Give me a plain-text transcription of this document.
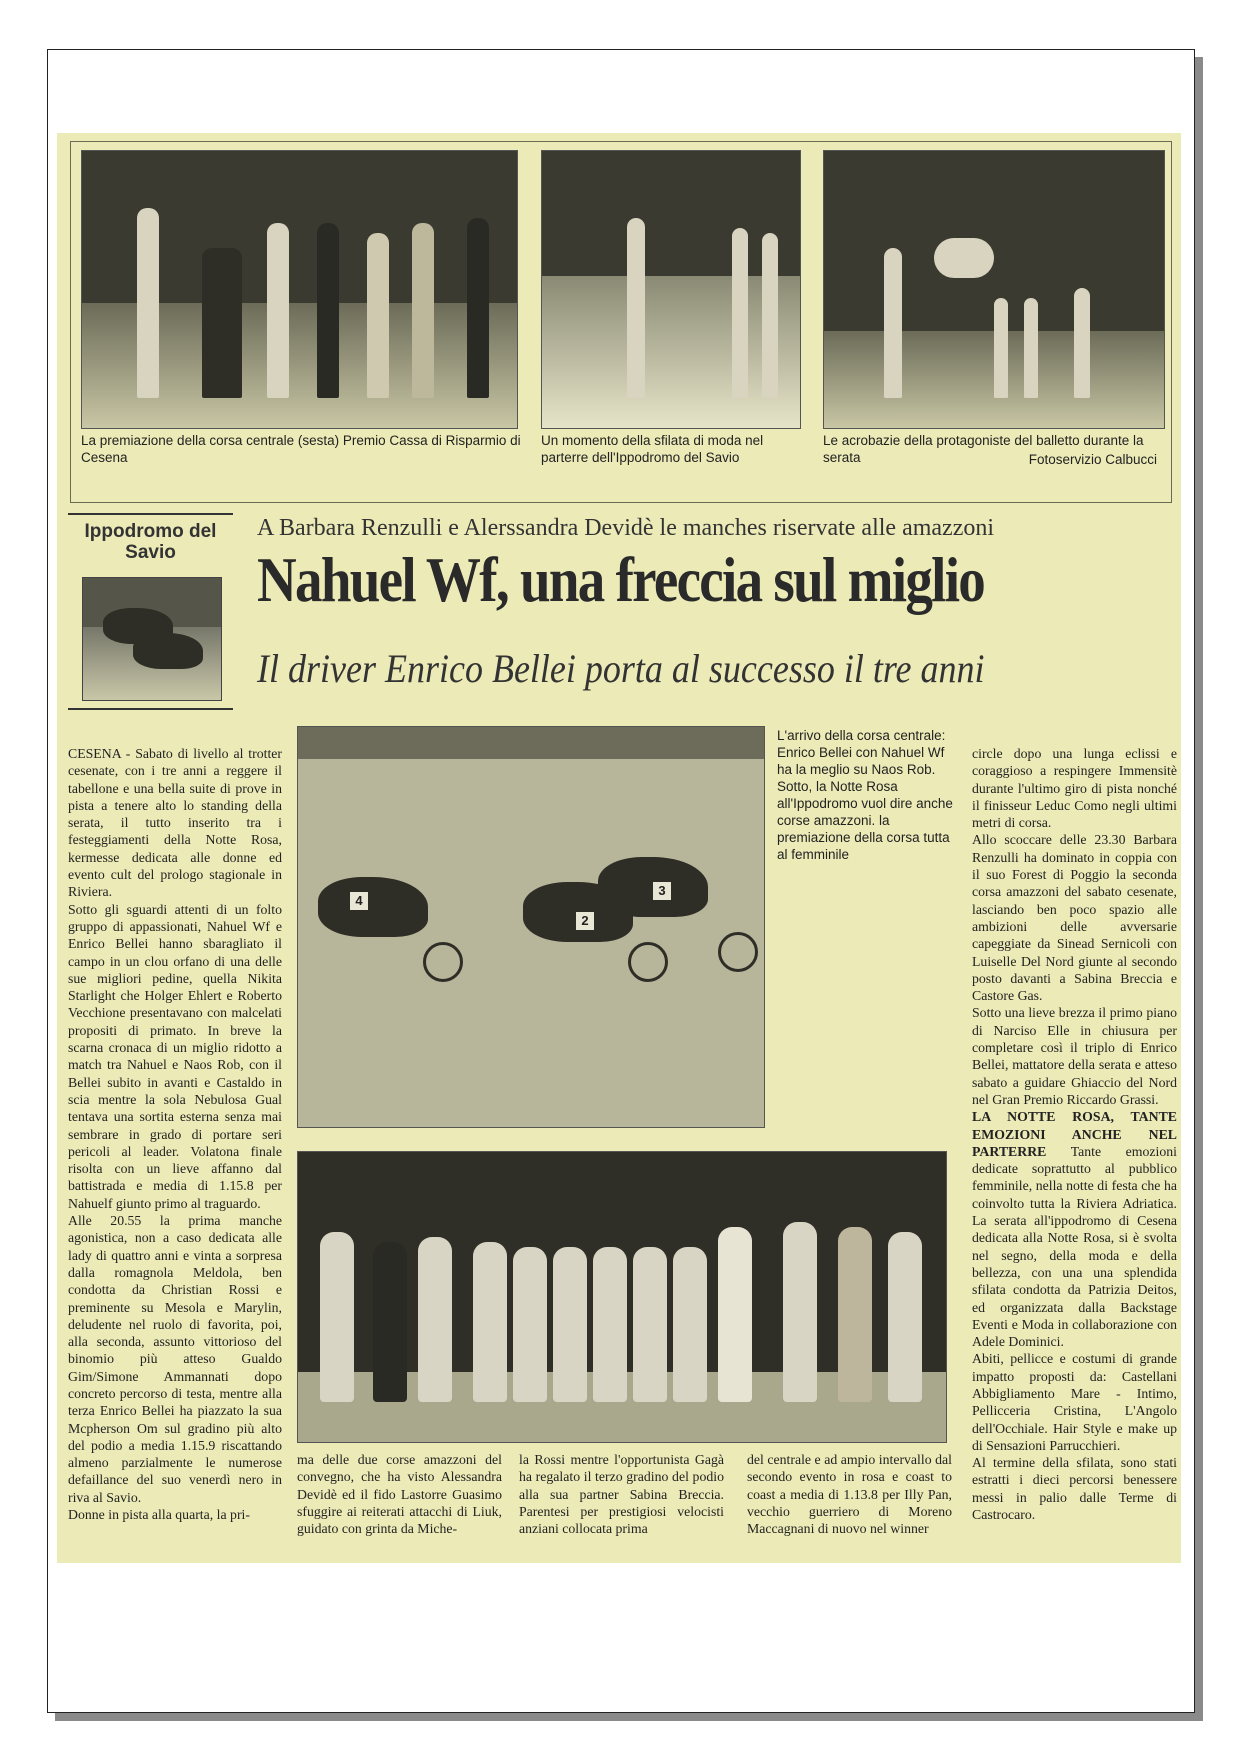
La premiazione della corsa centrale (sesta) Premio Cassa di Risparmio di Cesena
Un momento della sfilata di moda nel parterre dell'Ippodromo del Savio
Le acrobazie della protagoniste del balletto durante la serata	Fotoservizio Calbucci
Ippodromo del Savio
A Barbara Renzulli e Alerssandra Devidè le manches riservate alle amazzoni
Nahuel Wf, una freccia sul miglio
Il driver Enrico Bellei porta al successo il tre anni

CESENA - Sabato di livello al trotter cesenate, con i tre anni a reggere il tabellone e una bella suite di prove in pista a tenere alto lo standing della serata, il tutto inserito tra i festeggiamenti della Notte Rosa, kermesse dedicata alle donne ed evento cult del prologo stagionale in Riviera.

Sotto gli sguardi attenti di un folto gruppo di appassionati, Nahuel Wf e Enrico Bellei hanno sbaragliato il campo in un clou orfano di una delle sue migliori pedine, quella Nikita Starlight che Holger Ehlert e Roberto Vecchione presentavano con malcelati propositi di primato. In breve la scarna cronaca di un miglio ridotto a match tra Nahuel e Naos Rob, con il Bellei subito in avanti e Castaldo in scia mentre la sola Nebulosa Gual tentava una sortita esterna senza mai sembrare in grado di portare seri pericoli al leader. Volatona finale risolta con un lieve affanno dal battistrada e media di 1.15.8 per Nahuelf giunto primo al traguardo.

Alle 20.55 la prima manche agonistica, non a caso dedicata alle lady di quattro anni e vinta a sorpresa dalla romagnola Meldola, ben condotta da Christian Rossi e preminente su Mesola e Marylin, deludente nel ruolo di favorita, poi, alla seconda, assunto vittorioso del binomio più atteso Gualdo Gim/Simone Ammannati dopo concreto percorso di testa, mentre alla terza Enrico Bellei ha piazzato la sua Mcpherson Om sul gradino più alto del podio a media 1.15.9 riscattando almeno parzialmente le numerose defaillance del suo venerdì nero in riva al Savio.

Donne in pista alla quarta, la pri-

4
2
3
L'arrivo della corsa centrale: Enrico Bellei con Nahuel Wf ha la meglio su Naos Rob. Sotto, la Notte Rosa all'Ippodromo vuol dire anche corse amazzoni. la premiazione della corsa tutta al femminile

circle dopo una lunga eclissi e coraggioso a respingere Immensitè durante l'ultimo giro di pista nonché il finisseur Leduc Como negli ultimi metri di corsa.

Allo scoccare delle 23.30 Barbara Renzulli ha dominato in coppia con il suo Forest di Poggio la seconda corsa amazzoni del sabato cesenate, lasciando ben poco spazio alle ambizioni delle avversarie capeggiate da Sinead Sernicoli con Luiselle Del Nord giunte al secondo posto davanti a Sabina Breccia e Castore Gas.

Sotto una lieve brezza il primo piano di Narciso Elle in chiusura per completare così il triplo di Enrico Bellei, mattatore della serata e atteso sabato a guidare Ghiaccio del Nord nel Gran Premio Riccardo Grassi.

LA NOTTE ROSA, TANTE EMOZIONI ANCHE NEL PARTERRE Tante emozioni dedicate soprattutto al pubblico femminile, nella notte di festa che ha coinvolto tutta la Riviera Adriatica. La serata all'ippodromo di Cesena dedicata alla Notte Rosa, si è svolta nel segno, della moda e della bellezza, con una una splendida sfilata condotta da Patrizia Deitos, ed organizzata dalla Backstage Eventi e Moda in collaborazione con Adele Dominici.

Abiti, pellicce e costumi di grande impatto proposti da: Castellani Abbigliamento Mare - Intimo, Pellicceria Cristina, L'Angolo dell'Occhiale. Hair Style e make up di Sensazioni Parrucchieri.

Al termine della sfilata, sono stati estratti i dieci percorsi benessere messi in palio dalle Terme di Castrocaro.

ma delle due corse amazzoni del convegno, che ha visto Alessandra Devidè ed il fido Lastorre Guasimo sfuggire ai reiterati attacchi di Liuk, guidato con grinta da Miche-
la Rossi mentre l'opportunista Gagà ha regalato il terzo gradino del podio alla sua partner Sabina Breccia. Parentesi per prestigiosi velocisti anziani collocata prima
del centrale e ad ampio intervallo dal secondo evento in rosa e coast to coast a media di 1.13.8 per Illy Pan, vecchio guerriero di Moreno Maccagnani di nuovo nel winner
